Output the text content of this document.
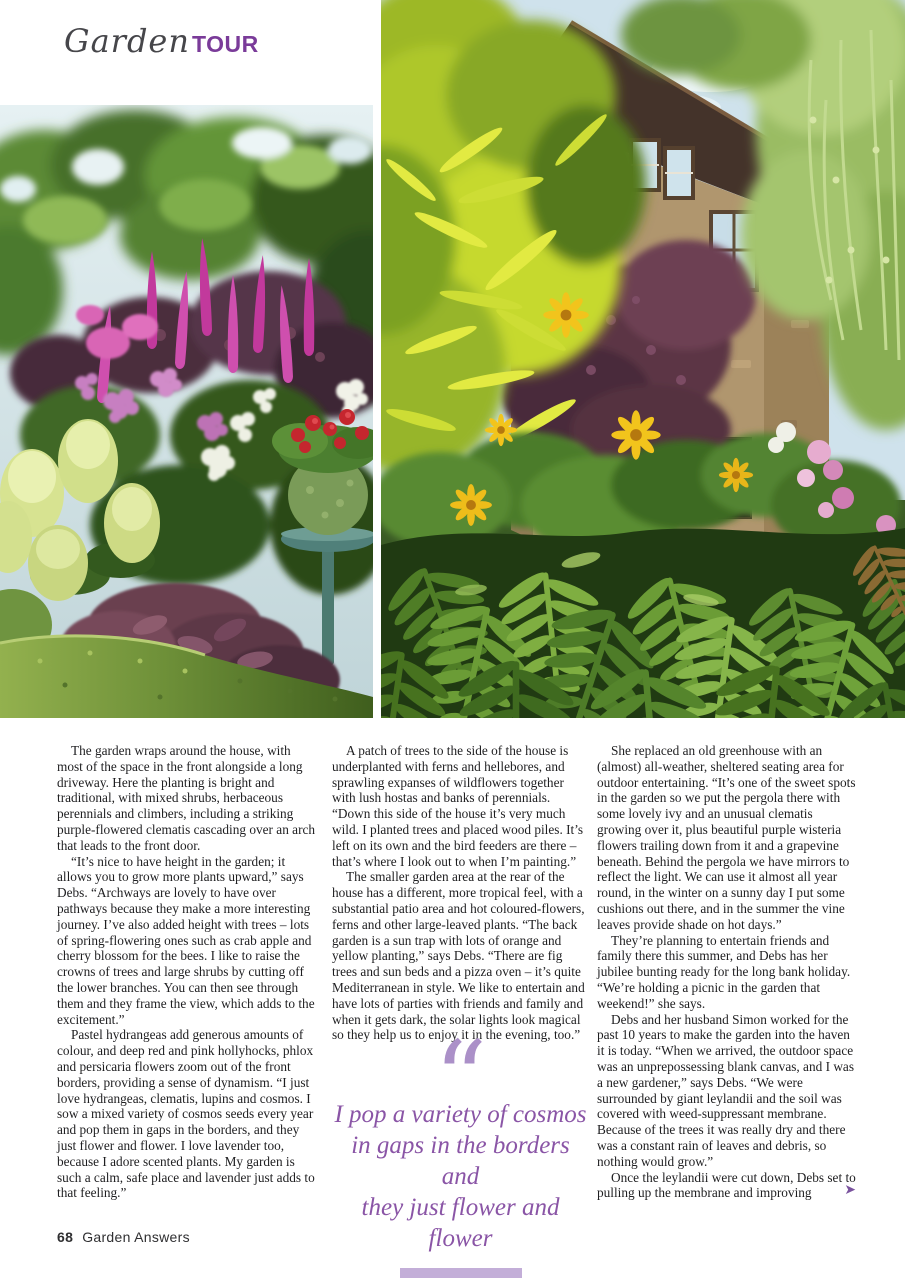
Garden TOUR

The garden wraps around the house, with most of the space in the front alongside a long driveway. Here the planting is bright and traditional, with mixed shrubs, herbaceous perennials and climbers, including a striking purple-flowered clematis cascading over an arch that leads to the front door.

“It’s nice to have height in the garden; it allows you to grow more plants upward,” says Debs. “Archways are lovely to have over pathways because they make a more interesting journey. I’ve also added height with trees – lots of spring-flowering ones such as crab apple and cherry blossom for the bees. I like to raise the crowns of trees and large shrubs by cutting off the lower branches. You can then see through them and they frame the view, which adds to the excitement.”

Pastel hydrangeas add generous amounts of colour, and deep red and pink hollyhocks, phlox and persicaria flowers zoom out of the front borders, providing a sense of dynamism. “I just love hydrangeas, clematis, lupins and cosmos. I sow a mixed variety of cosmos seeds every year and pop them in gaps in the borders, and they just flower and flower. I love lavender too, because I adore scented plants. My garden is such a calm, safe place and lavender just adds to that feeling.”

A patch of trees to the side of the house is underplanted with ferns and hellebores, and sprawling expanses of wildflowers together with lush hostas and banks of perennials. “Down this side of the house it’s very much wild. I planted trees and placed wood piles. It’s left on its own and the bird feeders are there – that’s where I look out to when I’m painting.”

The smaller garden area at the rear of the house has a different, more tropical feel, with a substantial patio area and hot coloured-flowers, ferns and other large-leaved plants. “The back garden is a sun trap with lots of orange and yellow planting,” says Debs. “There are fig trees and sun beds and a pizza oven – it’s quite Mediterranean in style. We like to entertain and have lots of parties with friends and family and when it gets dark, the solar lights look magical so they help us to enjoy it in the evening, too.”

“
I pop a variety of cosmos
in gaps in the borders and
they just flower and flower

She replaced an old greenhouse with an (almost) all-weather, sheltered seating area for outdoor entertaining. “It’s one of the sweet spots in the garden so we put the pergola there with some lovely ivy and an unusual clematis growing over it, plus beautiful purple wisteria flowers trailing down from it and a grapevine beneath. Behind the pergola we have mirrors to reflect the light. We can use it almost all year round, in the winter on a sunny day I put some cushions out there, and in the summer the vine leaves provide shade on hot days.”

They’re planning to entertain friends and family there this summer, and Debs has her jubilee bunting ready for the long bank holiday. “We’re holding a picnic in the garden that weekend!” she says.

Debs and her husband Simon worked for the past 10 years to make the garden into the haven it is today. “When we arrived, the outdoor space was an unprepossessing blank canvas, and I was a new gardener,” says Debs. “We were surrounded by giant leylandii and the soil was covered with weed-suppressant membrane. Because of the trees it was really dry and there was a constant rain of leaves and debris, so nothing would grow.”

Once the leylandii were cut down, Debs set to pulling up the membrane and improving	➤
68 Garden Answers
